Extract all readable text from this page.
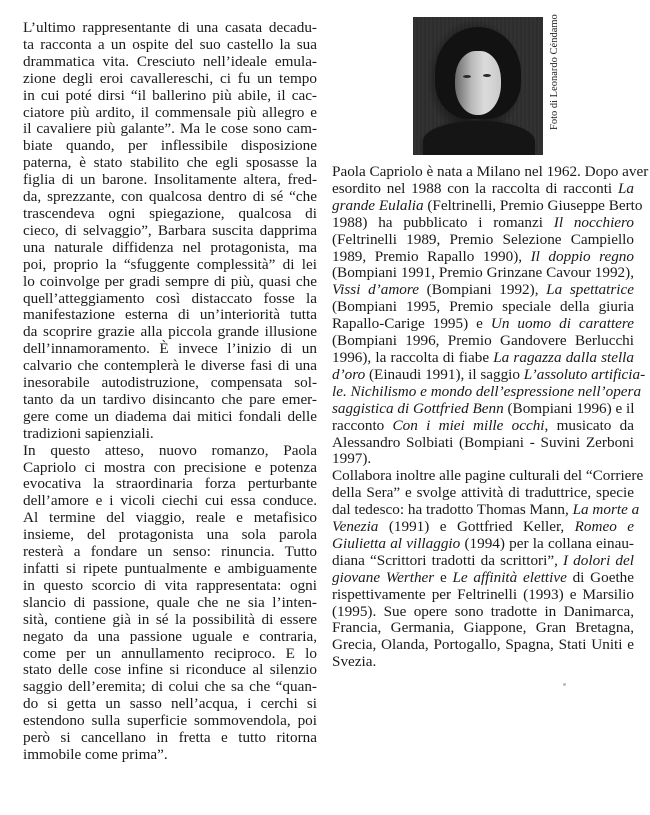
L’ultimo rappresentante di una casata decadu-
ta racconta a un ospite del suo castello la sua
drammatica vita. Cresciuto nell’ideale emula-
zione degli eroi cavallereschi, ci fu un tempo
in cui poté dirsi “il ballerino più abile, il cac-
ciatore più ardito, il commensale più allegro e
il cavaliere più galante”. Ma le cose sono cam-
biate quando, per inflessibile disposizione
paterna, è stato stabilito che egli sposasse la
figlia di un barone. Insolitamente altera, fred-
da, sprezzante, con qualcosa dentro di sé “che
trascendeva ogni spiegazione, qualcosa di
cieco, di selvaggio”, Barbara suscita dapprima
una naturale diffidenza nel protagonista, ma
poi, proprio la “sfuggente complessità” di lei
lo coinvolge per gradi sempre di più, quasi che
quell’atteggiamento così distaccato fosse la
manifestazione esterna di un’interiorità tutta
da scoprire grazie alla piccola grande illusione
dell’innamoramento. È invece l’inizio di un
calvario che contemplerà le diverse fasi di una
inesorabile autodistruzione, compensata sol-
tanto da un tardivo disincanto che pare emer-
gere come un diadema dai mitici fondali delle
tradizioni sapienziali.

In questo atteso, nuovo romanzo, Paola
Capriolo ci mostra con precisione e potenza
evocativa la straordinaria forza perturbante
dell’amore e i vicoli ciechi cui essa conduce.
Al termine del viaggio, reale e metafisico
insieme, del protagonista una sola parola
resterà a fondare un senso: rinuncia. Tutto
infatti si ripete puntualmente e ambiguamente
in questo scorcio di vita rappresentata: ogni
slancio di passione, quale che ne sia l’inten-
sità, contiene già in sé la possibilità di essere
negato da una passione uguale e contraria,
come per un annullamento reciproco. E lo
stato delle cose infine si riconduce al silenzio
saggio dell’eremita; di colui che sa che “quan-
do si getta un sasso nell’acqua, i cerchi si
estendono sulla superficie sommovendola, poi
però si cancellano in fretta e tutto ritorna
immobile come prima”.

Foto di Leonardo Céndamo

Paola Capriolo è nata a Milano nel 1962. Dopo aver
esordito nel 1988 con la raccolta di racconti La
grande Eulalia (Feltrinelli, Premio Giuseppe Berto
1988) ha pubblicato i romanzi Il nocchiero
(Feltrinelli 1989, Premio Selezione Campiello
1989, Premio Rapallo 1990), Il doppio regno
(Bompiani 1991, Premio Grinzane Cavour 1992),
Vissi d’amore (Bompiani 1992), La spettatrice
(Bompiani 1995, Premio speciale della giuria
Rapallo-Carige 1995) e Un uomo di carattere
(Bompiani 1996, Premio Gandovere Berlucchi
1996), la raccolta di fiabe La ragazza dalla stella
d’oro (Einaudi 1991), il saggio L’assoluto artificia-
le. Nichilismo e mondo dell’espressione nell’opera
saggistica di Gottfried Benn (Bompiani 1996) e il
racconto Con i miei mille occhi, musicato da
Alessandro Solbiati (Bompiani - Suvini Zerboni
1997).

Collabora inoltre alle pagine culturali del “Corriere
della Sera” e svolge attività di traduttrice, specie
dal tedesco: ha tradotto Thomas Mann, La morte a
Venezia (1991) e Gottfried Keller, Romeo e
Giulietta al villaggio (1994) per la collana einau-
diana “Scrittori tradotti da scrittori”, I dolori del
giovane Werther e Le affinità elettive di Goethe
rispettivamente per Feltrinelli (1993) e Marsilio
(1995). Sue opere sono tradotte in Danimarca,
Francia, Germania, Giappone, Gran Bretagna,
Grecia, Olanda, Portogallo, Spagna, Stati Uniti e
Svezia.
